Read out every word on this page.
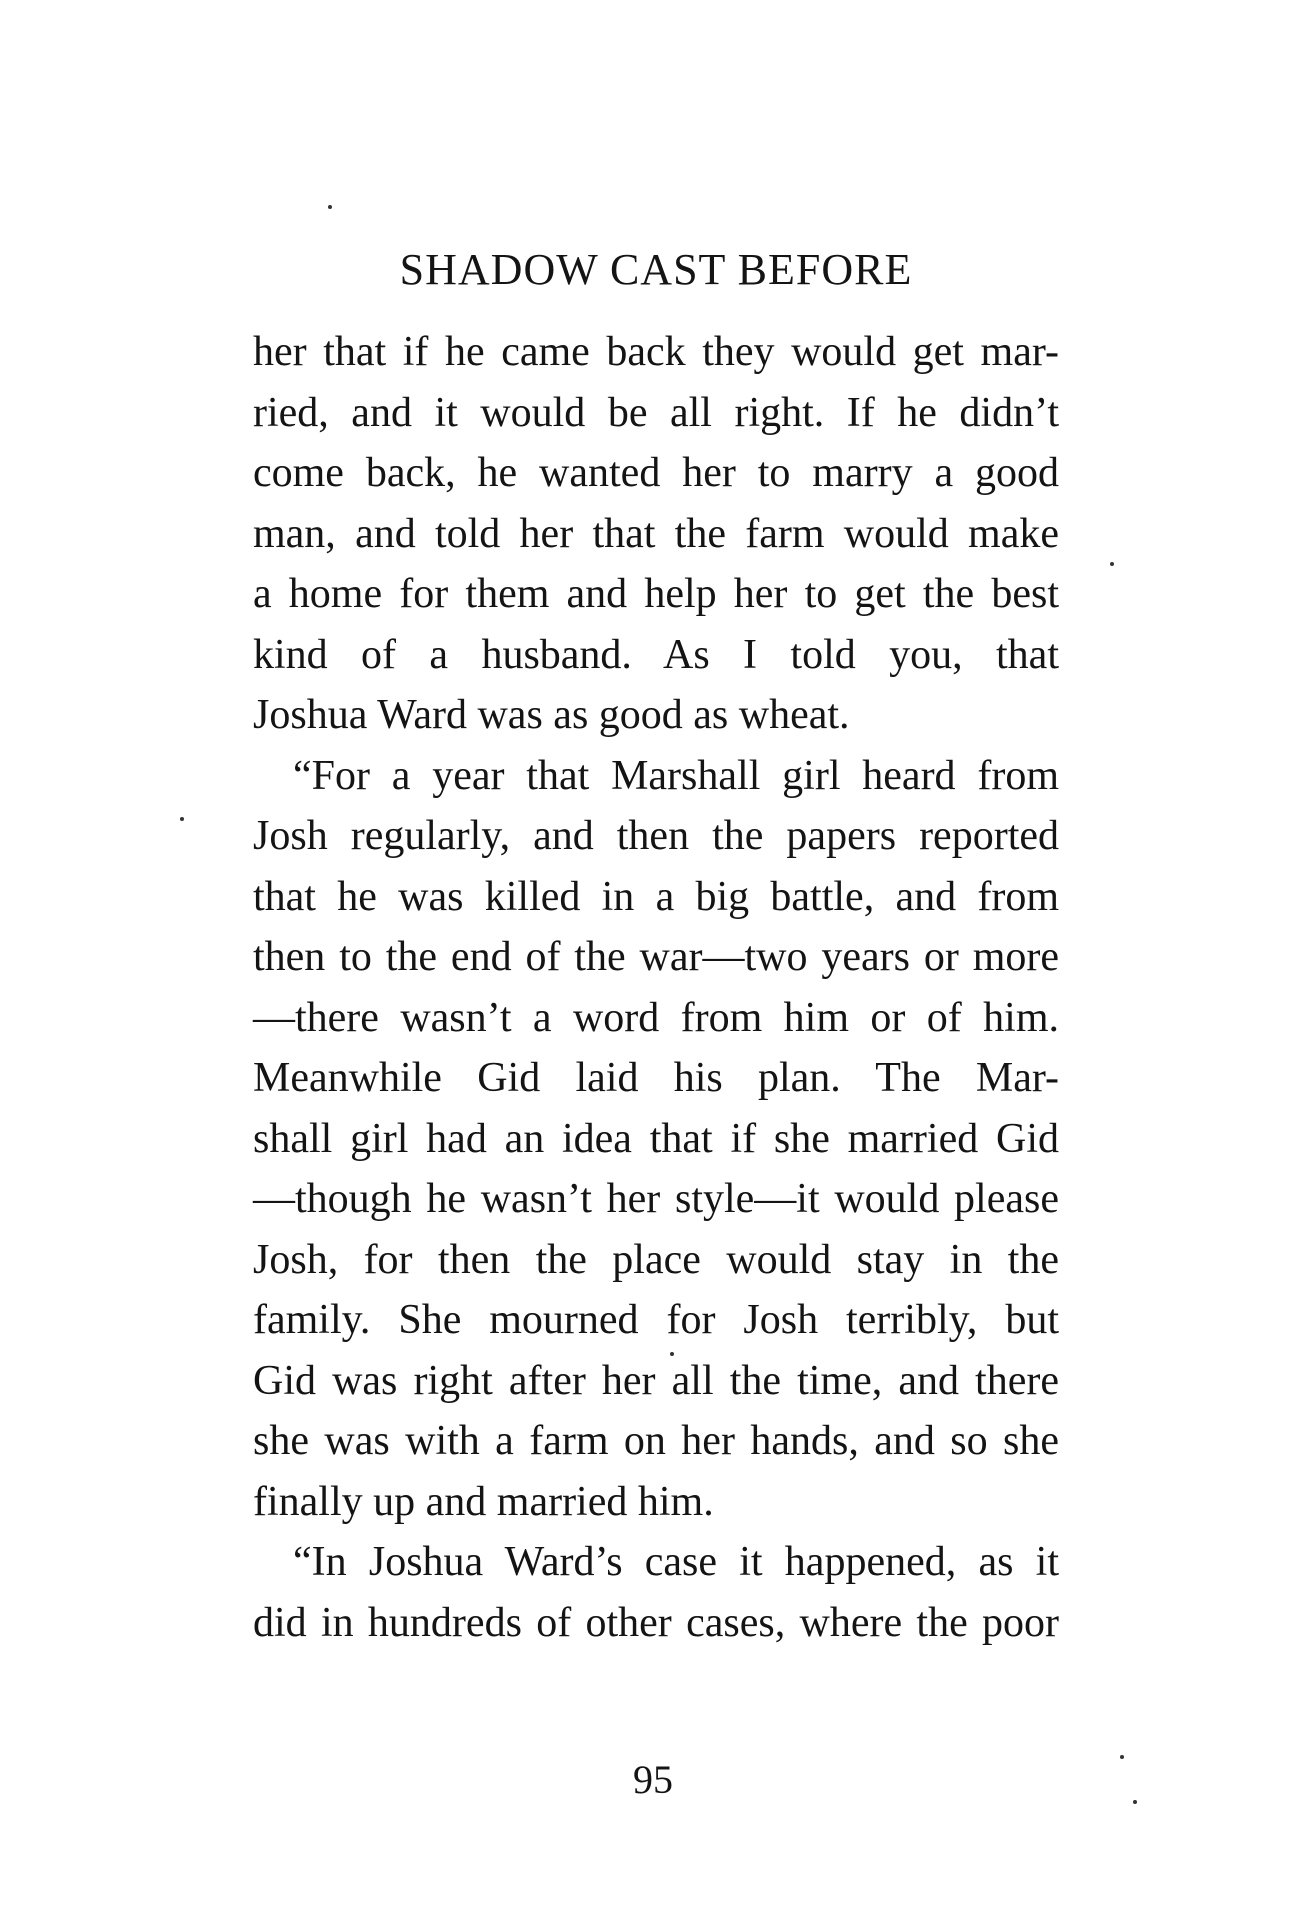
SHADOW CAST BEFORE
her that if he came back they would get mar-
ried, and it would be all right. If he didn’t
come back, he wanted her to marry a good
man, and told her that the farm would make
a home for them and help her to get the best
kind of a husband. As I told you, that
Joshua Ward was as good as wheat.
“For a year that Marshall girl heard from
Josh regularly, and then the papers reported
that he was killed in a big battle, and from
then to the end of the war—two years or more
—there wasn’t a word from him or of him.
Meanwhile Gid laid his plan. The Mar-
shall girl had an idea that if she married Gid
—though he wasn’t her style—it would please
Josh, for then the place would stay in the
family. She mourned for Josh terribly, but
Gid was right after her all the time, and there
she was with a farm on her hands, and so she
finally up and married him.
“In Joshua Ward’s case it happened, as it
did in hundreds of other cases, where the poor
95
